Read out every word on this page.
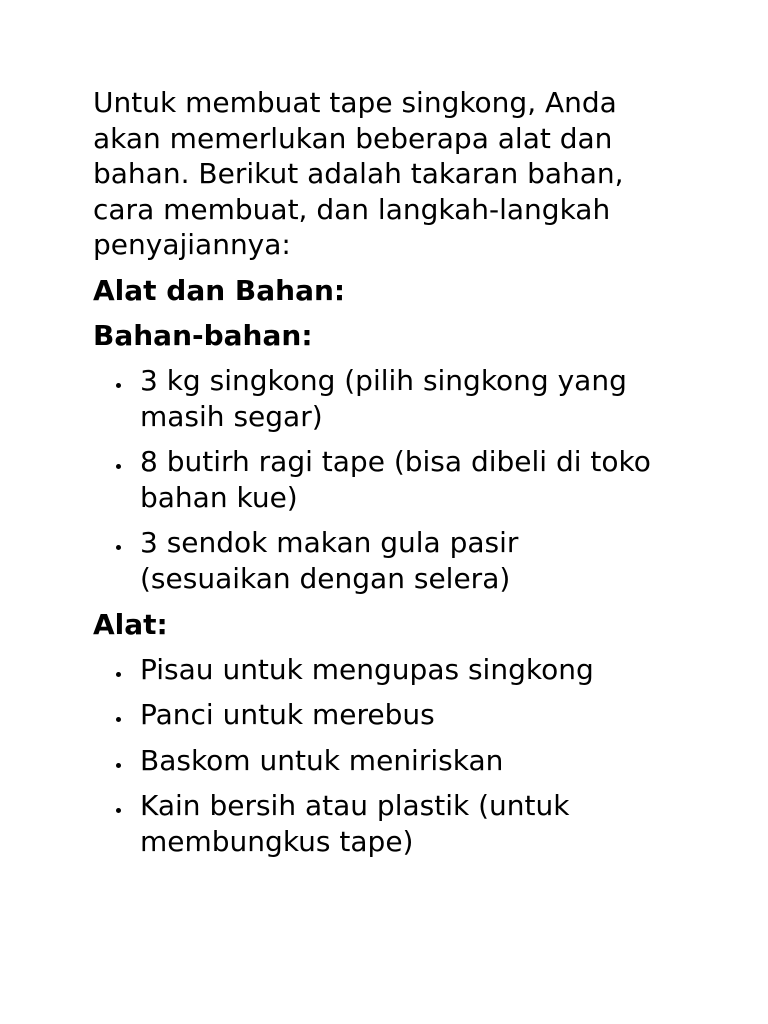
Untuk membuat tape singkong, Anda akan memerlukan beberapa alat dan bahan. Berikut adalah takaran bahan, cara membuat, dan langkah-langkah penyajiannya:

Alat dan Bahan:
Bahan-bahan:
3 kg singkong (pilih singkong yang masih segar)
8 butirh ragi tape (bisa dibeli di toko bahan kue)
3 sendok makan gula pasir (sesuaikan dengan selera)
Alat:
Pisau untuk mengupas singkong
Panci untuk merebus
Baskom untuk meniriskan
Kain bersih atau plastik (untuk membungkus tape)
